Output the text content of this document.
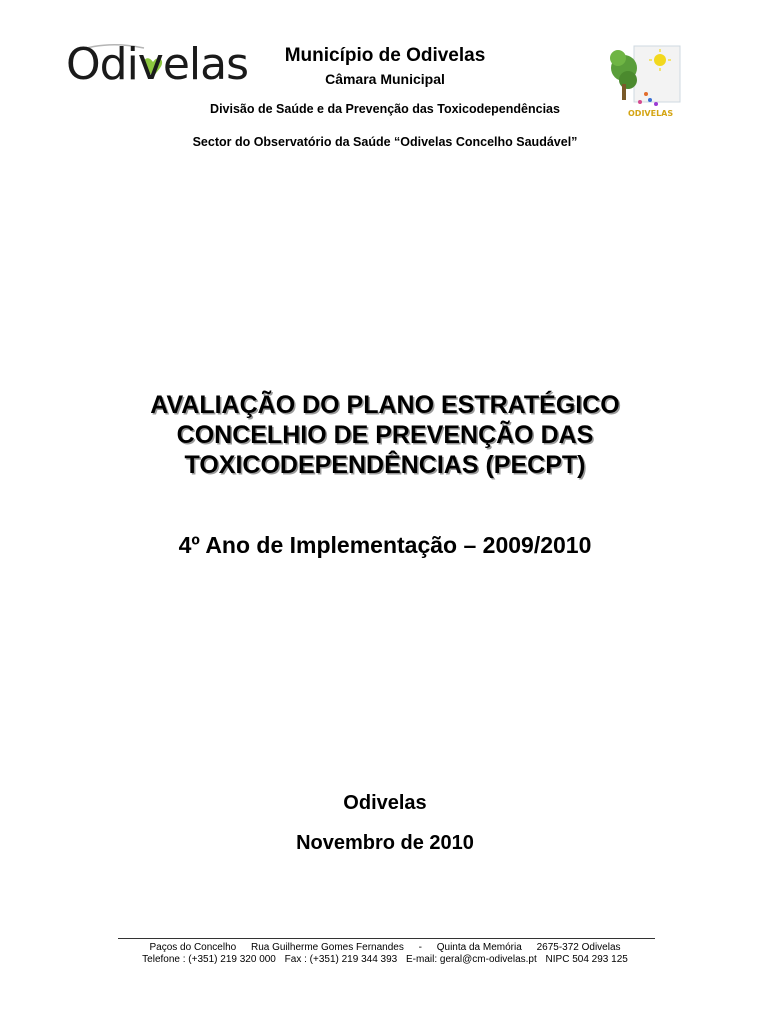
Odivelas
ODIVELAS
Município de Odivelas
Câmara Municipal
Divisão de Saúde e da Prevenção das Toxicodependências
Sector do Observatório da Saúde “Odivelas Concelho Saudável”
AVALIAÇÃO DO PLANO ESTRATÉGICO
CONCELHIO DE PREVENÇÃO DAS
TOXICODEPENDÊNCIAS (PECPT)
4º Ano de Implementação – 2009/2010
Odivelas
Novembro de 2010
Paços do Concelho Rua Guilherme Gomes Fernandes - Quinta da Memória 2675-372 Odivelas
Telefone : (+351) 219 320 000 Fax : (+351) 219 344 393 E-mail: geral@cm-odivelas.pt NIPC 504 293 125
